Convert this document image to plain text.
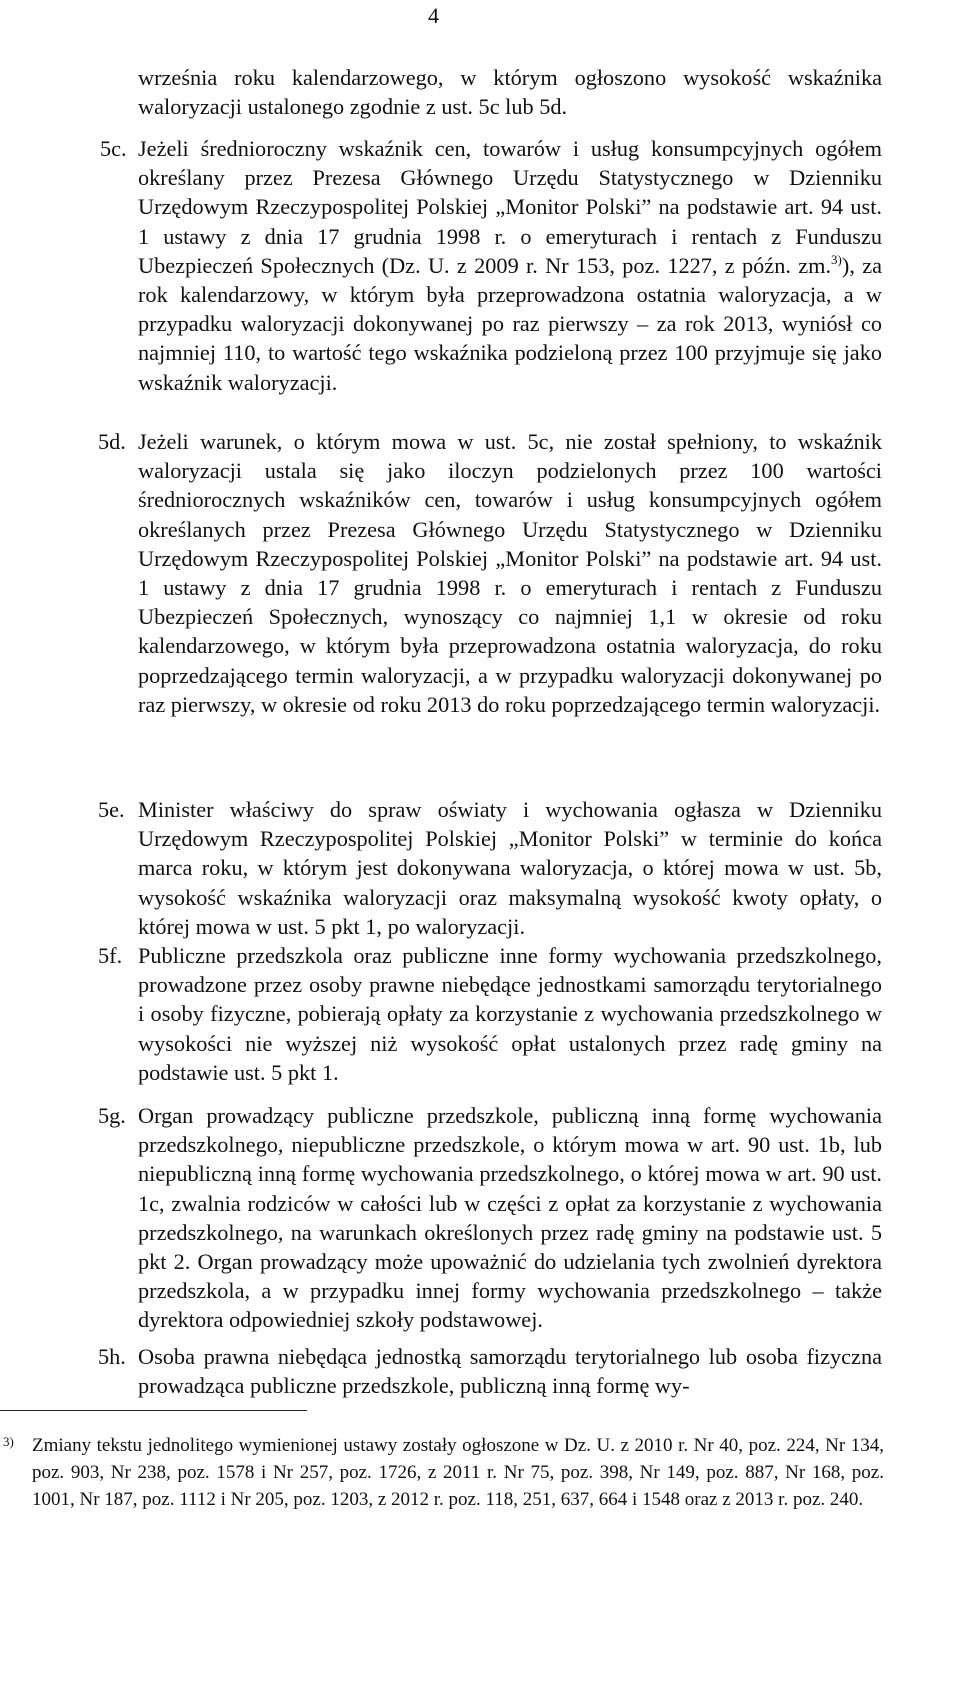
4

września roku kalendarzowego, w którym ogłoszono wysokość wskaźnika waloryzacji ustalonego zgodnie z ust. 5c lub 5d.

5c. Jeżeli średnioroczny wskaźnik cen, towarów i usług konsumpcyjnych ogółem określany przez Prezesa Głównego Urzędu Statystycznego w Dzienniku Urzędowym Rzeczypospolitej Polskiej „Monitor Polski” na podstawie art. 94 ust. 1 ustawy z dnia 17 grudnia 1998 r. o emeryturach i rentach z Funduszu Ubezpieczeń Społecznych (Dz. U. z 2009 r. Nr 153, poz. 1227, z późn. zm.$^{3)}$), za rok kalendarzowy, w którym była przeprowadzona ostatnia waloryzacja, a w przypadku waloryzacji dokonywanej po raz pierwszy – za rok 2013, wyniósł co najmniej 110, to wartość tego wskaźnika podzieloną przez 100 przyjmuje się jako wskaźnik waloryzacji.

5d. Jeżeli warunek, o którym mowa w ust. 5c, nie został spełniony, to wskaźnik waloryzacji ustala się jako iloczyn podzielonych przez 100 wartości średniorocznych wskaźników cen, towarów i usług konsumpcyjnych ogółem określanych przez Prezesa Głównego Urzędu Statystycznego w Dzienniku Urzędowym Rzeczypospolitej Polskiej „Monitor Polski” na podstawie art. 94 ust. 1 ustawy z dnia 17 grudnia 1998 r. o emeryturach i rentach z Funduszu Ubezpieczeń Społecznych, wynoszący co najmniej 1,1 w okresie od roku kalendarzowego, w którym była przeprowadzona ostatnia waloryzacja, do roku poprzedzającego termin waloryzacji, a w przypadku waloryzacji dokonywanej po raz pierwszy, w okresie od roku 2013 do roku poprzedzającego termin waloryzacji.

5e. Minister właściwy do spraw oświaty i wychowania ogłasza w Dzienniku Urzędowym Rzeczypospolitej Polskiej „Monitor Polski” w terminie do końca marca roku, w którym jest dokonywana waloryzacja, o której mowa w ust. 5b, wysokość wskaźnika waloryzacji oraz maksymalną wysokość kwoty opłaty, o której mowa w ust. 5 pkt 1, po waloryzacji.

5f. Publiczne przedszkola oraz publiczne inne formy wychowania przedszkolnego, prowadzone przez osoby prawne niebędące jednostkami samorządu terytorialnego i osoby fizyczne, pobierają opłaty za korzystanie z wychowania przedszkolnego w wysokości nie wyższej niż wysokość opłat ustalonych przez radę gminy na podstawie ust. 5 pkt 1.

5g. Organ prowadzący publiczne przedszkole, publiczną inną formę wychowania przedszkolnego, niepubliczne przedszkole, o którym mowa w art. 90 ust. 1b, lub niepubliczną inną formę wychowania przedszkolnego, o której mowa w art. 90 ust. 1c, zwalnia rodziców w całości lub w części z opłat za korzystanie z wychowania przedszkolnego, na warunkach określonych przez radę gminy na podstawie ust. 5 pkt 2. Organ prowadzący może upoważnić do udzielania tych zwolnień dyrektora przedszkola, a w przypadku innej formy wychowania przedszkolnego – także dyrektora odpowiedniej szkoły podstawowej.

5h. Osoba prawna niebędąca jednostką samorządu terytorialnego lub osoba fizyczna prowadząca publiczne przedszkole, publiczną inną formę wy-

3) Zmiany tekstu jednolitego wymienionej ustawy zostały ogłoszone w Dz. U. z 2010 r. Nr 40, poz. 224, Nr 134, poz. 903, Nr 238, poz. 1578 i Nr 257, poz. 1726, z 2011 r. Nr 75, poz. 398, Nr 149, poz. 887, Nr 168, poz. 1001, Nr 187, poz. 1112 i Nr 205, poz. 1203, z 2012 r. poz. 118, 251, 637, 664 i 1548 oraz z 2013 r. poz. 240.
